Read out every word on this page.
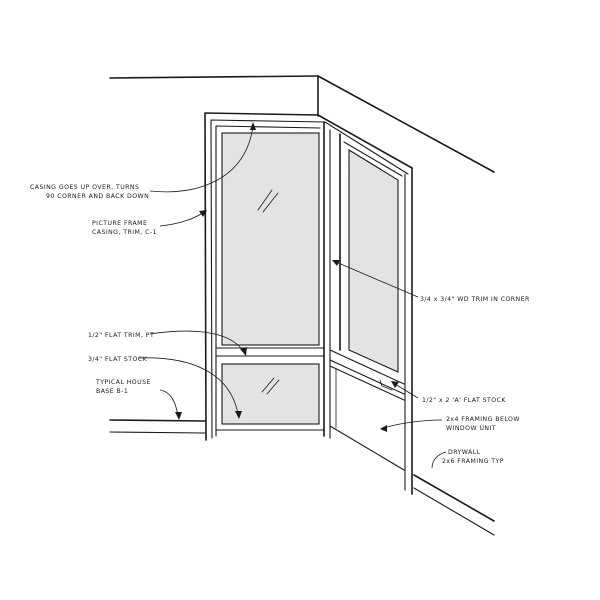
CASING GOES UP OVER, TURNS
90 CORNER AND BACK DOWN
PICTURE FRAME
CASING, TRIM, C-1
1/2" FLAT TRIM, PT
3/4" FLAT STOCK
TYPICAL HOUSE
BASE B-1
3/4 x 3/4" WD TRIM IN CORNER
1/2" x 2 'A' FLAT STOCK
2x4 FRAMING BELOW
WINDOW UNIT
DRYWALL
2x6 FRAMING TYP
